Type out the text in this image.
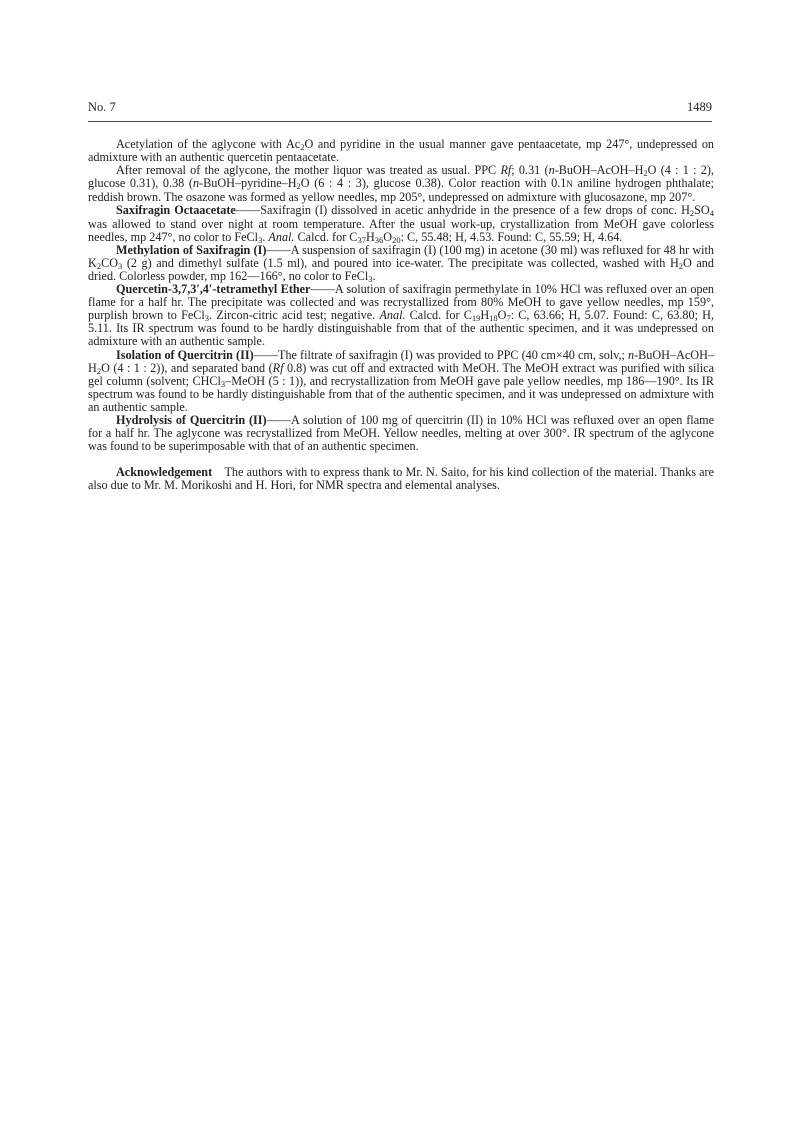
No. 7	1489

Acetylation of the aglycone with $Ac_2O$ and pyridine in the usual manner gave pentaacetate, mp 247°, undepressed on admixture with an authentic quercetin pentaacetate.

After removal of the aglycone, the mother liquor was treated as usual. PPC Rf; 0.31 ($n-BuOH-AcOH-H_2O$ (4 : 1 : 2), glucose 0.31), 0.38 ($n-BuOH-pyridine-H_2O$ (6 : 4 : 3), glucose 0.38). Color reaction with 0.1N aniline hydrogen phthalate; reddish brown. The osazone was formed as yellow needles, mp 205°, undepressed on admixture with glucosazone, mp 207°.

Saxifragin Octaacetate——Saxifragin (I) dissolved in acetic anhydride in the presence of a few drops of conc. $H_2SO_4$ was allowed to stand over night at room temperature. After the usual work-up, crystallization from MeOH gave colorless needles, mp 247°, no color to FeCl$_3$. Anal. Calcd. for $C_{37}H_{36}O_{20}$: C, 55.48; H, 4.53. Found: C, 55.59; H, 4.64.

Methylation of Saxifragin (I)——A suspension of saxifragin (I) (100 mg) in acetone (30 ml) was refluxed for 48 hr with $K_2CO_3$ (2 g) and dimethyl sulfate (1.5 ml), and poured into ice-water. The precipitate was collected, washed with $H_2O$ and dried. Colorless powder, mp 162—166°, no color to FeCl$_3$.

Quercetin-3,7,3′,4′-tetramethyl Ether——A solution of saxifragin permethylate in 10% HCl was refluxed over an open flame for a half hr. The precipitate was collected and was recrystallized from 80% MeOH to gave yellow needles, mp 159°, purplish brown to FeCl$_3$. Zircon-citric acid test; negative. Anal. Calcd. for $C_{19}H_{18}O_7$: C, 63.66; H, 5.07. Found: C, 63.80; H, 5.11. Its IR spectrum was found to be hardly distinguishable from that of the authentic specimen, and it was undepressed on admixture with an authentic sample.

Isolation of Quercitrin (II)——The filtrate of saxifragin (I) was provided to PPC (40 cm×40 cm, solv,; $n-BuOH-AcOH-H_2O$ (4 : 1 : 2)), and separated band (Rf 0.8) was cut off and extracted with MeOH. The MeOH extract was purified with silica gel column (solvent; CHCl$_3$–MeOH (5 : 1)), and recrystallization from MeOH gave pale yellow needles, mp 186—190°. Its IR spectrum was found to be hardly distinguishable from that of the authentic specimen, and it was undepressed on admixture with an authentic sample.

Hydrolysis of Quercitrin (II)——A solution of 100 mg of quercitrin (II) in 10% HCl was refluxed over an open flame for a half hr. The aglycone was recrystallized from MeOH. Yellow needles, melting at over 300°. IR spectrum of the aglycone was found to be superimposable with that of an authentic specimen.

Acknowledgement    The authors with to express thank to Mr. N. Saito, for his kind collection of the material. Thanks are also due to Mr. M. Morikoshi and H. Hori, for NMR spectra and elemental analyses.
